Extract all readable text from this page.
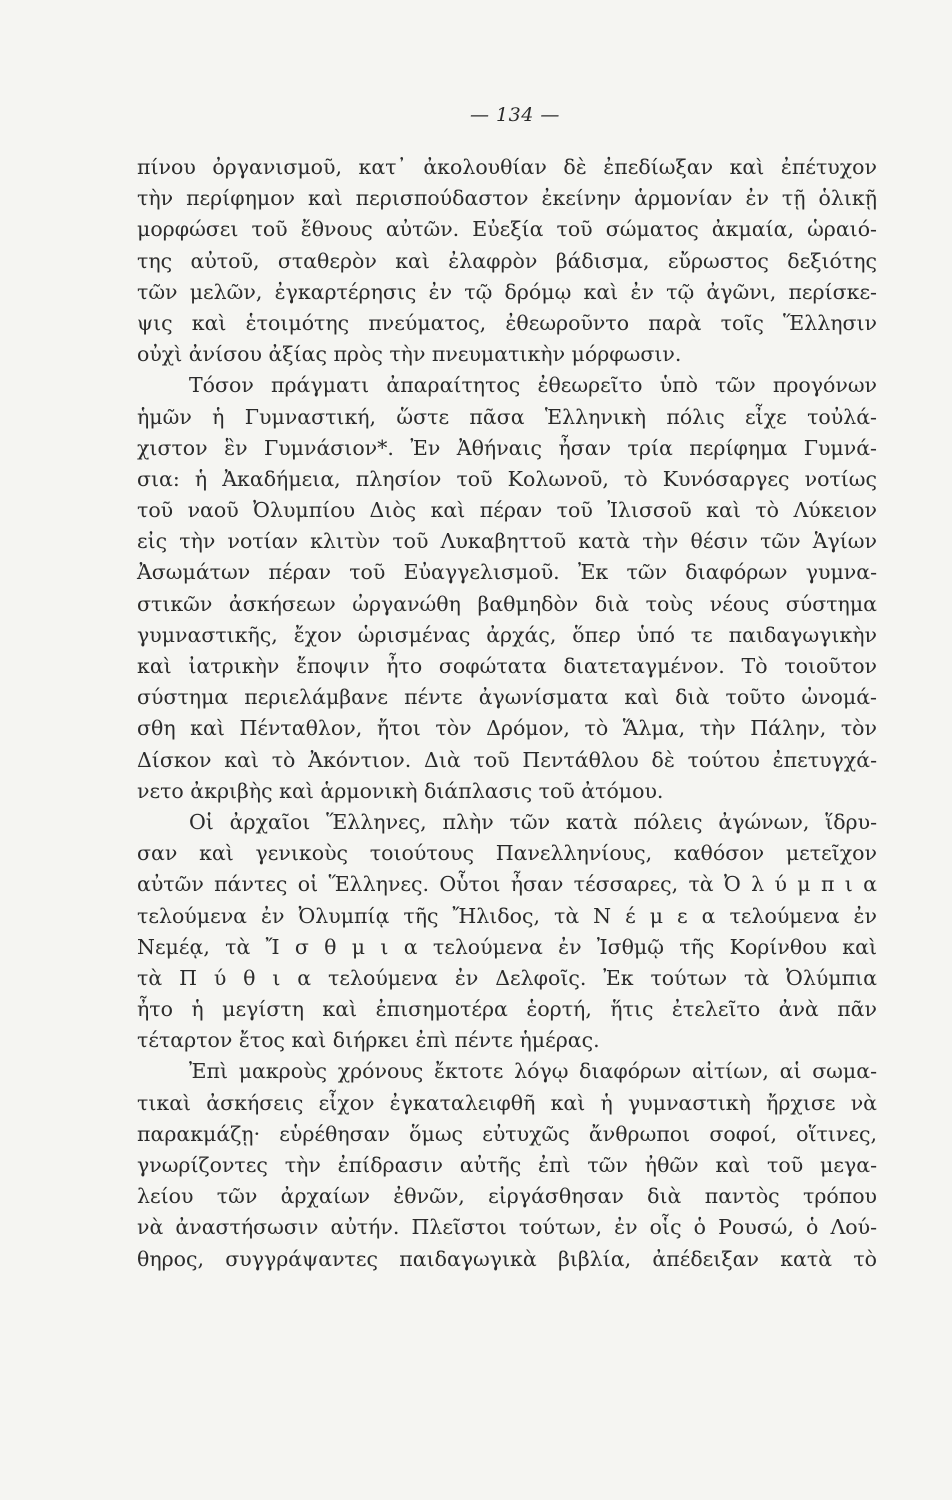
— 134 —
πίνου ὀργανισμοῦ, κατ᾽ ἀκολουθίαν δὲ ἐπεδίωξαν καὶ ἐπέτυχον
τὴν περίφημον καὶ περισπούδαστον ἐκείνην ἁρμονίαν ἐν τῇ ὁλικῇ
μορφώσει τοῦ ἔθνους αὐτῶν. Εὐεξία τοῦ σώματος ἀκμαία, ὡραιό-
της αὐτοῦ, σταθερὸν καὶ ἐλαφρὸν βάδισμα, εὔρωστος δεξιότης
τῶν μελῶν, ἐγκαρτέρησις ἐν τῷ δρόμῳ καὶ ἐν τῷ ἀγῶνι, περίσκε-
ψις καὶ ἑτοιμότης πνεύματος, ἐθεωροῦντο παρὰ τοῖς Ἕλλησιν
οὐχὶ ἀνίσου ἀξίας πρὸς τὴν πνευματικὴν μόρφωσιν.
Τόσον πράγματι ἀπαραίτητος ἐθεωρεῖτο ὑπὸ τῶν προγόνων
ἡμῶν ἡ Γυμναστική, ὥστε πᾶσα Ἑλληνικὴ πόλις εἶχε τοὐλά-
χιστον ἓν Γυμνάσιον*. Ἐν Ἀθήναις ἦσαν τρία περίφημα Γυμνά-
σια: ἡ Ἀκαδήμεια, πλησίον τοῦ Κολωνοῦ, τὸ Κυνόσαργες νοτίως
τοῦ ναοῦ Ὀλυμπίου Διὸς καὶ πέραν τοῦ Ἰλισσοῦ καὶ τὸ Λύκειον
εἰς τὴν νοτίαν κλιτὺν τοῦ Λυκαβηττοῦ κατὰ τὴν θέσιν τῶν Ἁγίων
Ἀσωμάτων πέραν τοῦ Εὐαγγελισμοῦ. Ἐκ τῶν διαφόρων γυμνα-
στικῶν ἀσκήσεων ὠργανώθη βαθμηδὸν διὰ τοὺς νέους σύστημα
γυμναστικῆς, ἔχον ὡρισμένας ἀρχάς, ὅπερ ὑπό τε παιδαγωγικὴν
καὶ ἰατρικὴν ἔποψιν ἦτο σοφώτατα διατεταγμένον. Τὸ τοιοῦτον
σύστημα περιελάμβανε πέντε ἀγωνίσματα καὶ διὰ τοῦτο ὠνομά-
σθη καὶ Πένταθλον, ἤτοι τὸν Δρόμον, τὸ Ἅλμα, τὴν Πάλην, τὸν
Δίσκον καὶ τὸ Ἀκόντιον. Διὰ τοῦ Πεντάθλου δὲ τούτου ἐπετυγχά-
νετο ἀκριβὴς καὶ ἁρμονικὴ διάπλασις τοῦ ἀτόμου.
Οἱ ἀρχαῖοι Ἕλληνες, πλὴν τῶν κατὰ πόλεις ἀγώνων, ἵδρυ-
σαν καὶ γενικοὺς τοιούτους Πανελληνίους, καθόσον μετεῖχον
αὐτῶν πάντες οἱ Ἕλληνες. Οὗτοι ἦσαν τέσσαρες, τὰ Ὀ λ ύ μ π ι α
τελούμενα ἐν Ὀλυμπίᾳ τῆς Ἤλιδος, τὰ Ν έ μ ε α τελούμενα ἐν
Νεμέᾳ, τὰ Ἴ σ θ μ ι α τελούμενα ἐν Ἰσθμῷ τῆς Κορίνθου καὶ
τὰ Π ύ θ ι α τελούμενα ἐν Δελφοῖς. Ἐκ τούτων τὰ Ὀλύμπια
ἦτο ἡ μεγίστη καὶ ἐπισημοτέρα ἑορτή, ἥτις ἐτελεῖτο ἀνὰ πᾶν
τέταρτον ἔτος καὶ διήρκει ἐπὶ πέντε ἡμέρας.
Ἐπὶ μακροὺς χρόνους ἔκτοτε λόγῳ διαφόρων αἰτίων, αἱ σωμα-
τικαὶ ἀσκήσεις εἶχον ἐγκαταλειφθῆ καὶ ἡ γυμναστικὴ ἤρχισε νὰ
παρακμάζῃ· εὑρέθησαν ὅμως εὐτυχῶς ἄνθρωποι σοφοί, οἵτινες,
γνωρίζοντες τὴν ἐπίδρασιν αὐτῆς ἐπὶ τῶν ἠθῶν καὶ τοῦ μεγα-
λείου τῶν ἀρχαίων ἐθνῶν, εἰργάσθησαν διὰ παντὸς τρόπου
νὰ ἀναστήσωσιν αὐτήν. Πλεῖστοι τούτων, ἐν οἷς ὁ Ρουσώ, ὁ Λού-
θηρος, συγγράψαντες παιδαγωγικὰ βιβλία, ἀπέδειξαν κατὰ τὸ
